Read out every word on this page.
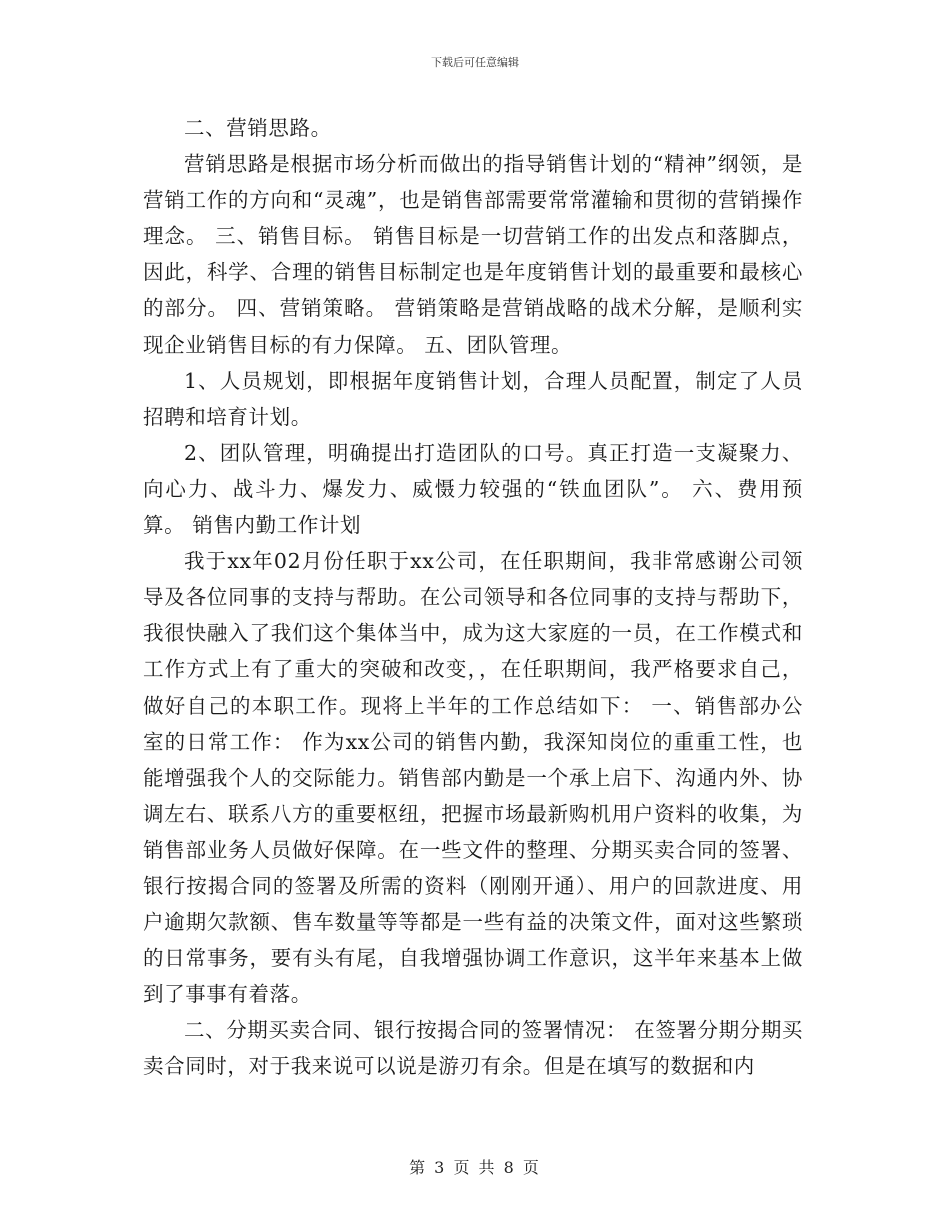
下载后可任意编辑

二、营销思路。

营销思路是根据市场分析而做出的指导销售计划的“精神”纲领，是营销工作的方向和“灵魂”，也是销售部需要常常灌输和贯彻的营销操作理念。 三、销售目标。 销售目标是一切营销工作的出发点和落脚点，因此，科学、合理的销售目标制定也是年度销售计划的最重要和最核心的部分。 四、营销策略。 营销策略是营销战略的战术分解，是顺利实现企业销售目标的有力保障。 五、团队管理。

1、人员规划，即根据年度销售计划，合理人员配置，制定了人员招聘和培育计划。

2、团队管理，明确提出打造团队的口号。真正打造一支凝聚力、向心力、战斗力、爆发力、威慑力较强的“铁血团队”。 六、费用预算。 销售内勤工作计划

我于xx年02月份任职于xx公司，在任职期间，我非常感谢公司领导及各位同事的支持与帮助。在公司领导和各位同事的支持与帮助下，我很快融入了我们这个集体当中，成为这大家庭的一员，在工作模式和工作方式上有了重大的突破和改变，，在任职期间，我严格要求自己，做好自己的本职工作。现将上半年的工作总结如下： 一、销售部办公室的日常工作： 作为xx公司的销售内勤，我深知岗位的重重工性，也能增强我个人的交际能力。销售部内勤是一个承上启下、沟通内外、协调左右、联系八方的重要枢纽，把握市场最新购机用户资料的收集，为销售部业务人员做好保障。在一些文件的整理、分期买卖合同的签署、银行按揭合同的签署及所需的资料（刚刚开通）、用户的回款进度、用户逾期欠款额、售车数量等等都是一些有益的决策文件，面对这些繁琐的日常事务，要有头有尾，自我增强协调工作意识，这半年来基本上做到了事事有着落。

二、分期买卖合同、银行按揭合同的签署情况： 在签署分期分期买卖合同时，对于我来说可以说是游刃有余。但是在填写的数据和内

第 3 页 共 8 页
